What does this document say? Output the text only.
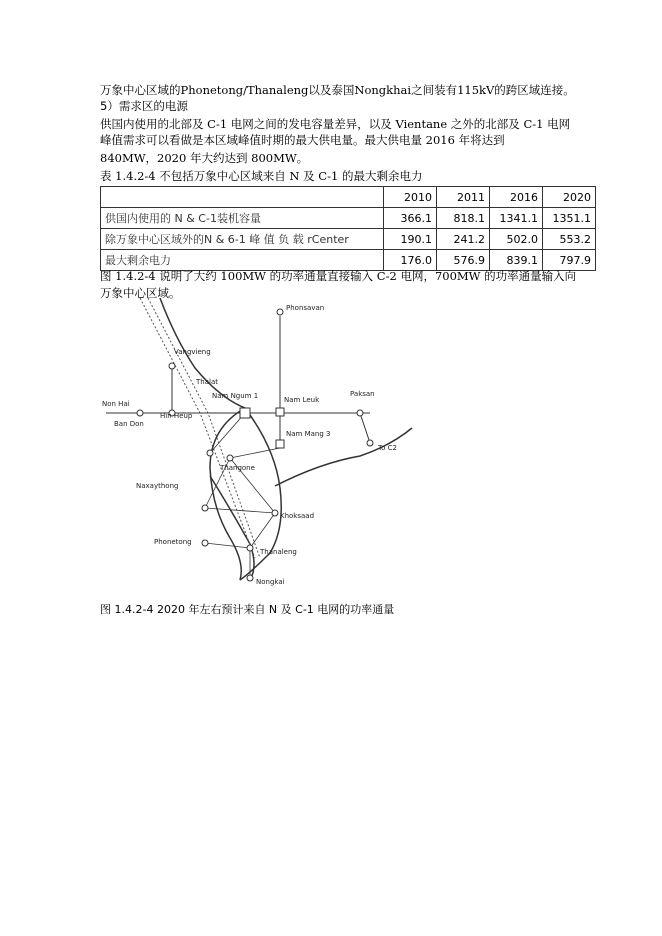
万象中心区域的Phonetong/Thanaleng以及泰国Nongkhai之间装有115kV的跨区域连接。
5）需求区的电源
供国内使用的北部及 C-1 电网之间的发电容量差异，以及 Vientane 之外的北部及 C-1 电网
峰值需求可以看做是本区域峰值时期的最大供电量。最大供电量 2016 年将达到
840MW，2020 年大约达到 800MW。
表 1.4.2-4 不包括万象中心区域来自 N 及 C-1 的最大剩余电力
	2010	2011	2016	2020
供国内使用的 N & C-1装机容量	366.1	818.1	1341.1	1351.1
除万象中心区域外的N & 6-1 峰 值 负 载 rCenter	190.1	241.2	502.0	553.2
最大剩余电力	176.0	576.9	839.1	797.9
图 1.4.2-4 说明了大约 100MW 的功率通量直接输入 C-2 电网，700MW 的功率通量输入向
万象中心区域。
Phonsavan
Vangvieng
Thalat
Nam Ngum 1	Nam Leuk
Paksan
Non Hai
Hin Heup
Ban Don
Nam Mang 3
To C2
Thangone
Naxaythong
Khoksaad
Phonetong
Thanaleng
Nongkai
图 1.4.2-4 2020 年左右预计来自 N 及 C-1 电网的功率通量
